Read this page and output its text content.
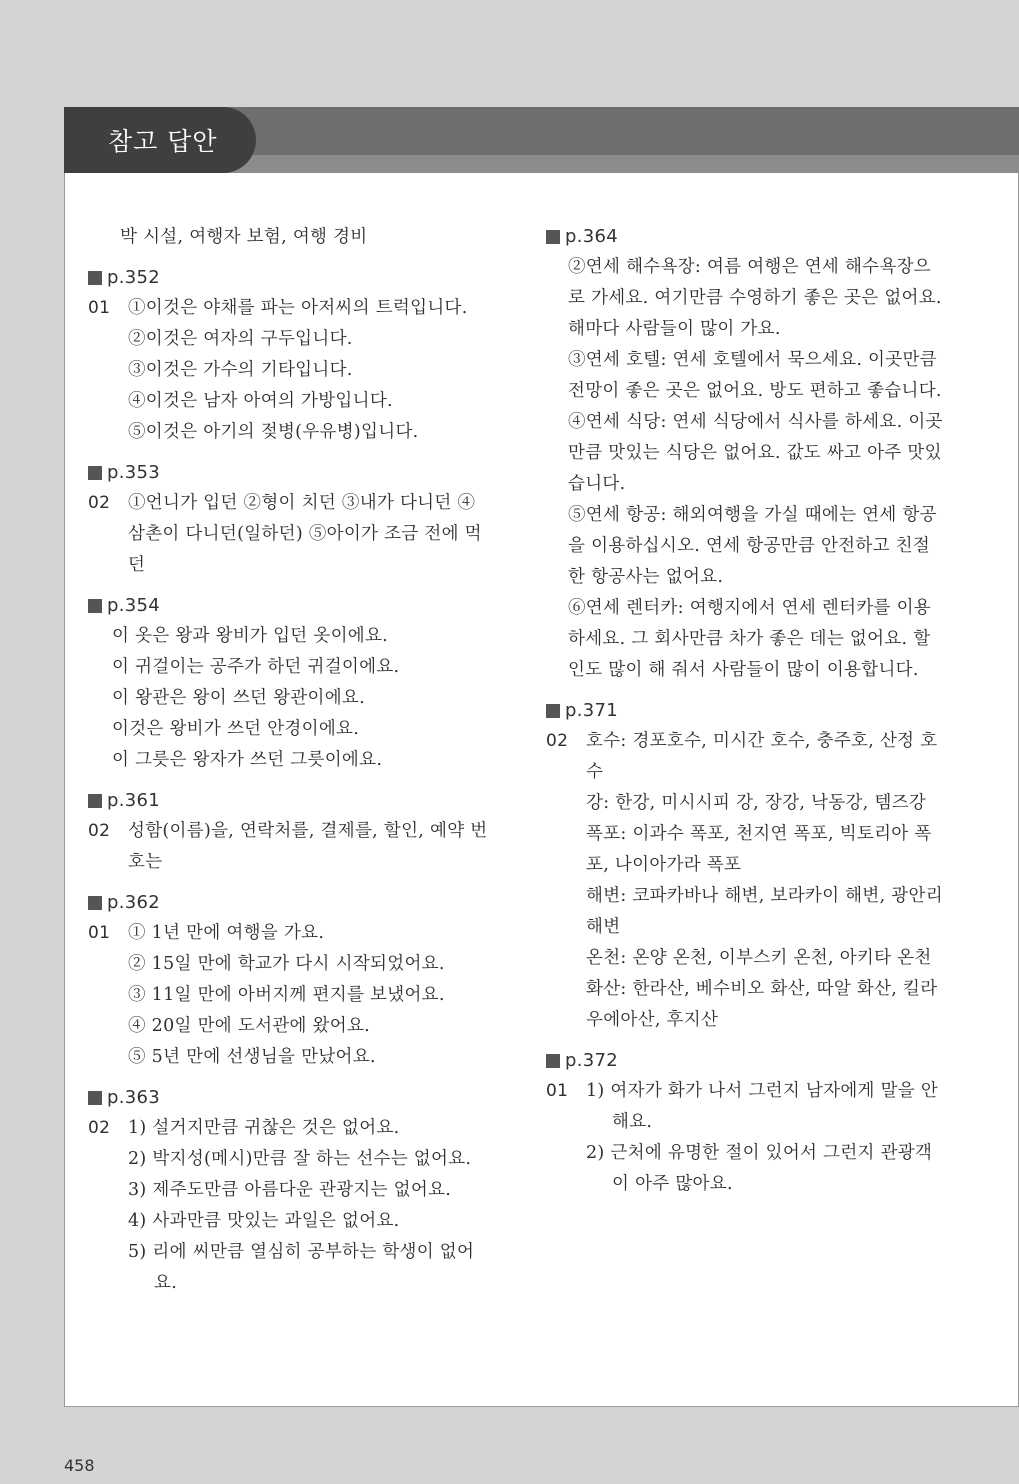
참고 답안

박 시설, 여행자 보험, 여행 경비

p.352
01	①이것은 야채를 파는 아저씨의 트럭입니다.

②이것은 여자의 구두입니다.

③이것은 가수의 기타입니다.

④이것은 남자 아여의 가방입니다.

⑤이것은 아기의 젖병(우유병)입니다.

p.353
02	①언니가 입던 ②형이 치던 ③내가 다니던 ④삼촌이 다니던(일하던) ⑤아이가 조금 전에 먹던

p.354

이 옷은 왕과 왕비가 입던 옷이에요.

이 귀걸이는 공주가 하던 귀걸이에요.

이 왕관은 왕이 쓰던 왕관이에요.

이것은 왕비가 쓰던 안경이에요.

이 그릇은 왕자가 쓰던 그릇이에요.

p.361
02	성함(이름)을, 연락처를, 결제를, 할인, 예약 번호는

p.362
01	① 1년 만에 여행을 가요.

② 15일 만에 학교가 다시 시작되었어요.

③ 11일 만에 아버지께 편지를 보냈어요.

④ 20일 만에 도서관에 왔어요.

⑤ 5년 만에 선생님을 만났어요.

p.363
02	1) 설거지만큼 귀찮은 것은 없어요.

2) 박지성(메시)만큼 잘 하는 선수는 없어요.

3) 제주도만큼 아름다운 관광지는 없어요.

4) 사과만큼 맛있는 과일은 없어요.

5) 리에 씨만큼 열심히 공부하는 학생이 없어요.

p.364

②연세 해수욕장: 여름 여행은 연세 해수욕장으로 가세요. 여기만큼 수영하기 좋은 곳은 없어요. 해마다 사람들이 많이 가요.

③연세 호텔: 연세 호텔에서 묵으세요. 이곳만큼 전망이 좋은 곳은 없어요. 방도 편하고 좋습니다.

④연세 식당: 연세 식당에서 식사를 하세요. 이곳만큼 맛있는 식당은 없어요. 값도 싸고 아주 맛있습니다.

⑤연세 항공: 해외여행을 가실 때에는 연세 항공을 이용하십시오. 연세 항공만큼 안전하고 친절한 항공사는 없어요.

⑥연세 렌터카: 여행지에서 연세 렌터카를 이용하세요. 그 회사만큼 차가 좋은 데는 없어요. 할인도 많이 해 줘서 사람들이 많이 이용합니다.

p.371
02	호수: 경포호수, 미시간 호수, 충주호, 산정 호수

강: 한강, 미시시피 강, 장강, 낙동강, 템즈강

폭포: 이과수 폭포, 천지연 폭포, 빅토리아 폭포, 나이아가라 폭포

해변: 코파카바나 해변, 보라카이 해변, 광안리 해변

온천: 온양 온천, 이부스키 온천, 아키타 온천

화산: 한라산, 베수비오 화산, 따알 화산, 킬라우에아산, 후지산

p.372
01	1) 여자가 화가 나서 그런지 남자에게 말을 안 해요.

2) 근처에 유명한 절이 있어서 그런지 관광객이 아주 많아요.

458
